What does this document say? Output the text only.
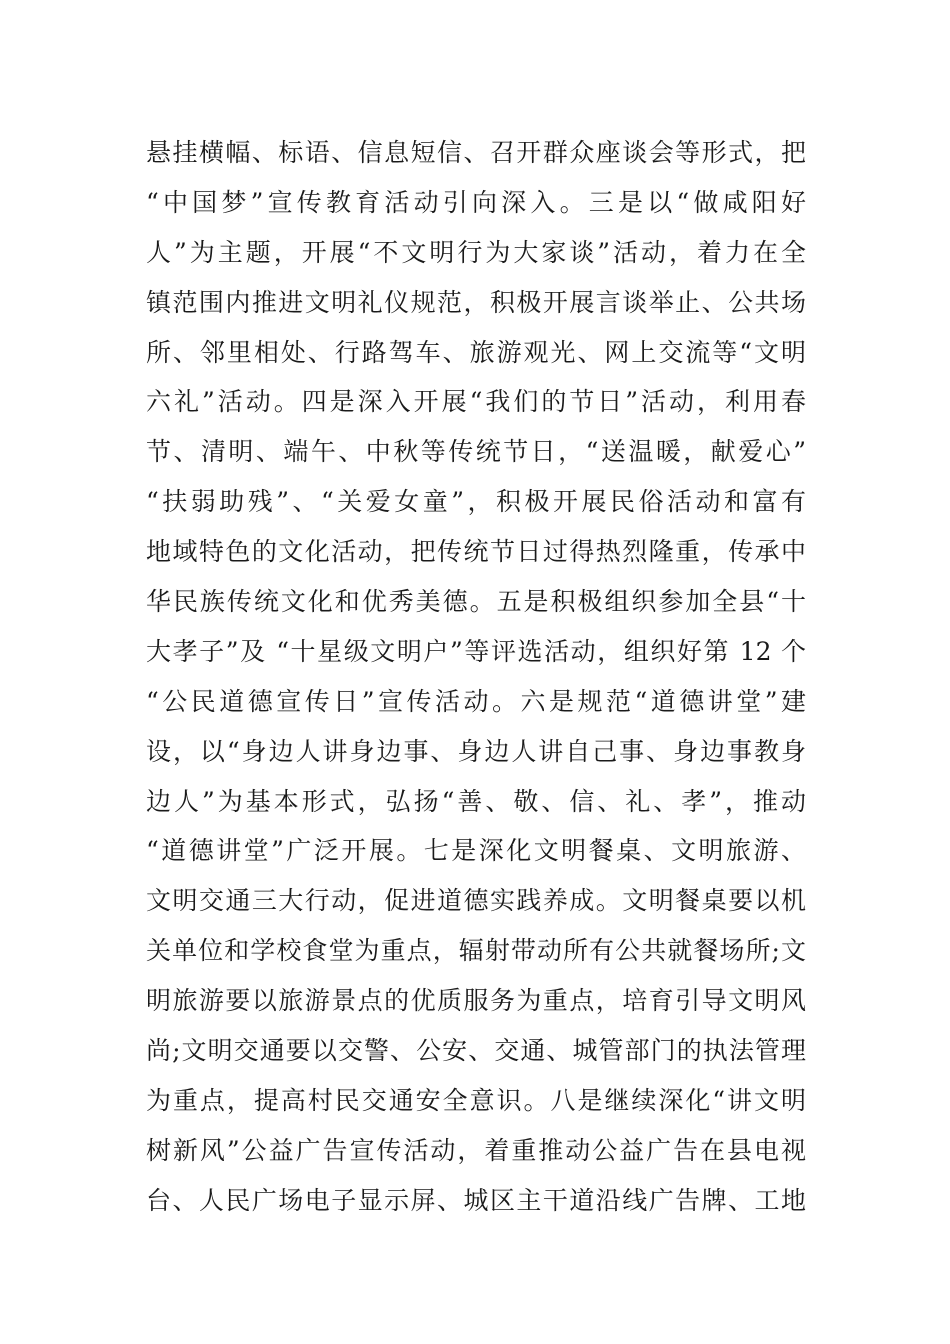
悬挂横幅、标语、信息短信、召开群众座谈会等形式，把
“中国梦”宣传教育活动引向深入。三是以“做咸阳好
人”为主题，开展“不文明行为大家谈”活动，着力在全
镇范围内推进文明礼仪规范，积极开展言谈举止、公共场
所、邻里相处、行路驾车、旅游观光、网上交流等“文明
六礼”活动。四是深入开展“我们的节日”活动，利用春
节、清明、端午、中秋等传统节日，“送温暖，献爱心”
“扶弱助残”、“关爱女童”，积极开展民俗活动和富有
地域特色的文化活动，把传统节日过得热烈隆重，传承中
华民族传统文化和优秀美德。五是积极组织参加全县“十
大孝子”及 “十星级文明户”等评选活动，组织好第 12 个
“公民道德宣传日”宣传活动。六是规范“道德讲堂”建
设，以“身边人讲身边事、身边人讲自己事、身边事教身
边人”为基本形式，弘扬“善、敬、信、礼、孝”，推动
“道德讲堂”广泛开展。七是深化文明餐桌、文明旅游、
文明交通三大行动，促进道德实践养成。文明餐桌要以机
关单位和学校食堂为重点，辐射带动所有公共就餐场所;文
明旅游要以旅游景点的优质服务为重点，培育引导文明风
尚;文明交通要以交警、公安、交通、城管部门的执法管理
为重点，提高村民交通安全意识。八是继续深化“讲文明
树新风”公益广告宣传活动，着重推动公益广告在县电视
台、人民广场电子显示屏、城区主干道沿线广告牌、工地
